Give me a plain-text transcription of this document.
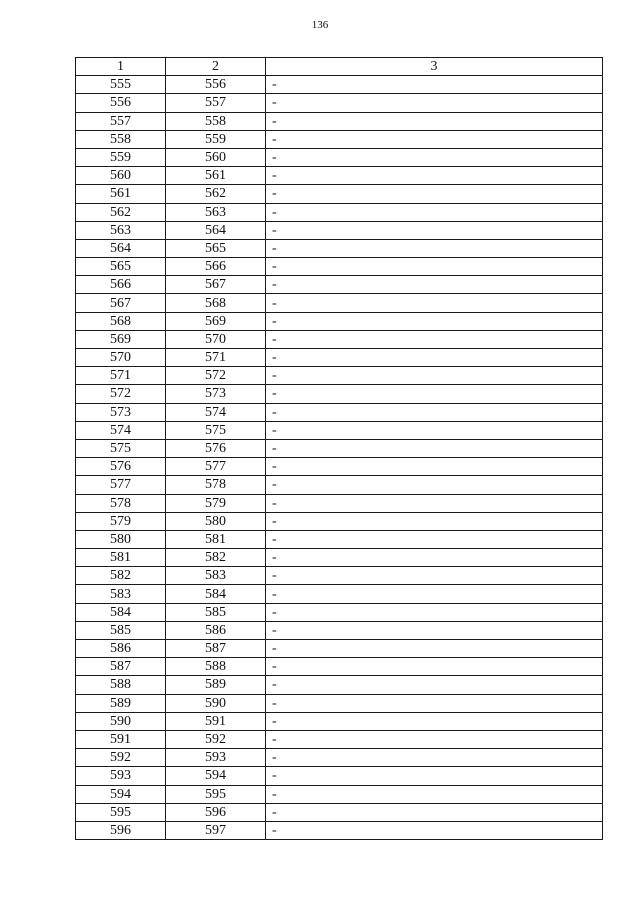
136
1	2	3
555	556	-
556	557	-
557	558	-
558	559	-
559	560	-
560	561	-
561	562	-
562	563	-
563	564	-
564	565	-
565	566	-
566	567	-
567	568	-
568	569	-
569	570	-
570	571	-
571	572	-
572	573	-
573	574	-
574	575	-
575	576	-
576	577	-
577	578	-
578	579	-
579	580	-
580	581	-
581	582	-
582	583	-
583	584	-
584	585	-
585	586	-
586	587	-
587	588	-
588	589	-
589	590	-
590	591	-
591	592	-
592	593	-
593	594	-
594	595	-
595	596	-
596	597	-
